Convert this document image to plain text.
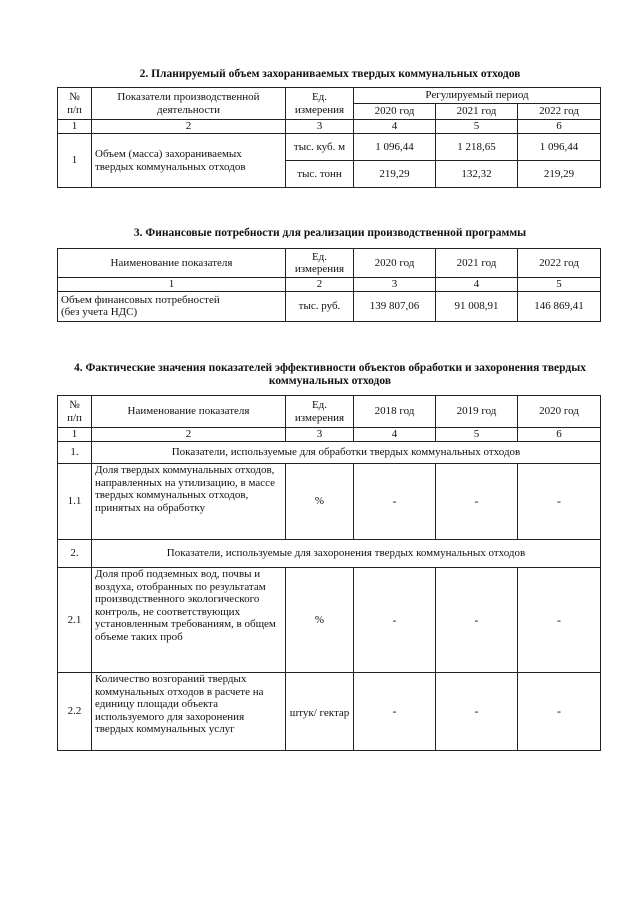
2. Планируемый объем захораниваемых твердых коммунальных отходов
№
п/п	Показатели производственной деятельности	Ед. измерения	Регулируемый период		
			2020 год	2021 год	2022 год
1	2	3	4	5	6
1	Объем (масса) захораниваемых твердых коммунальных отходов	тыс. куб. м	1 096,44	1 218,65	1 096,44
		тыс. тонн	219,29	132,32	219,29
3. Финансовые потребности для реализации производственной программы
Наименование показателя	Ед. измерения	2020 год	2021 год	2022 год
1	2	3	4	5
Объем финансовых потребностей
(без учета НДС)	тыс. руб.	139 807,06	91 008,91	146 869,41
4. Фактические значения показателей эффективности объектов обработки и захоронения твердых коммунальных отходов
№
п/п	Наименование показателя	Ед. измерения	2018 год	2019 год	2020 год
1	2	3	4	5	6
1.	Показатели, используемые для обработки твердых коммунальных отходов				
1.1	Доля твердых коммунальных отходов, направленных на утилизацию, в массе твердых коммунальных отходов, принятых на обработку	%	-	-	-
2.	Показатели, используемые для захоронения твердых коммунальных отходов				
2.1	Доля проб подземных вод, почвы и воздуха, отобранных по результатам производственного экологического контроль, не соответствующих установленным требованиям, в общем объеме таких проб	%	-	-	-
2.2	Количество возгораний твердых коммунальных отходов в расчете на единицу площади объекта используемого для захоронения твердых коммунальных услуг	штук/ гектар	-	-	-
